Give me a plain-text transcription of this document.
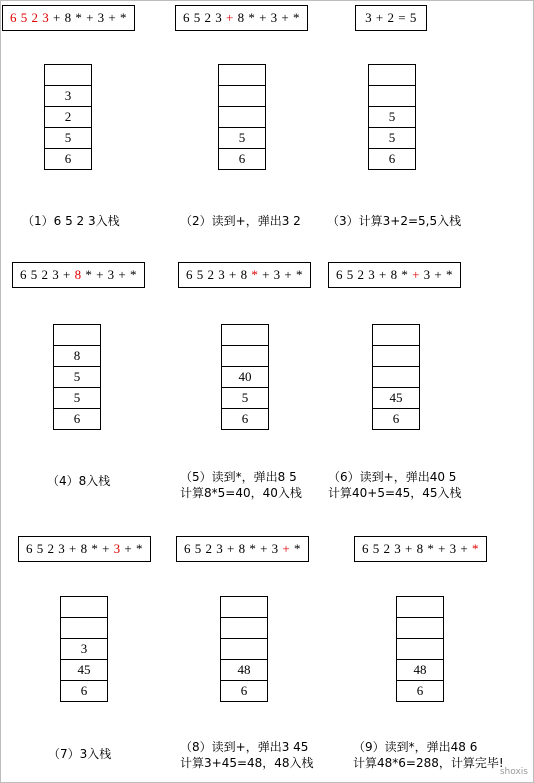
6 5 2 3 + 8 * + 3 + *
3
2
5
6
（1）6 5 2 3入栈
6 5 2 3 + 8 * + 3 + *
5
6
（2）读到+，弹出3 2
3 + 2 = 5
5
5
6
（3）计算3+2=5,5入栈
6 5 2 3 + 8 * + 3 + *
8
5
5
6
（4）8入栈
6 5 2 3 + 8 * + 3 + *
40
5
6
（5）读到*，弹出8 5
计算8*5=40，40入栈
6 5 2 3 + 8 * + 3 + *
45
6
（6）读到+，弹出40 5
计算40+5=45，45入栈
6 5 2 3 + 8 * + 3 + *
3
45
6
（7）3入栈
6 5 2 3 + 8 * + 3 + *
48
6
（8）读到+，弹出3 45
计算3+45=48，48入栈
6 5 2 3 + 8 * + 3 + *
48
6
（9）读到*，弹出48 6
计算48*6=288，计算完毕!
shoxis
